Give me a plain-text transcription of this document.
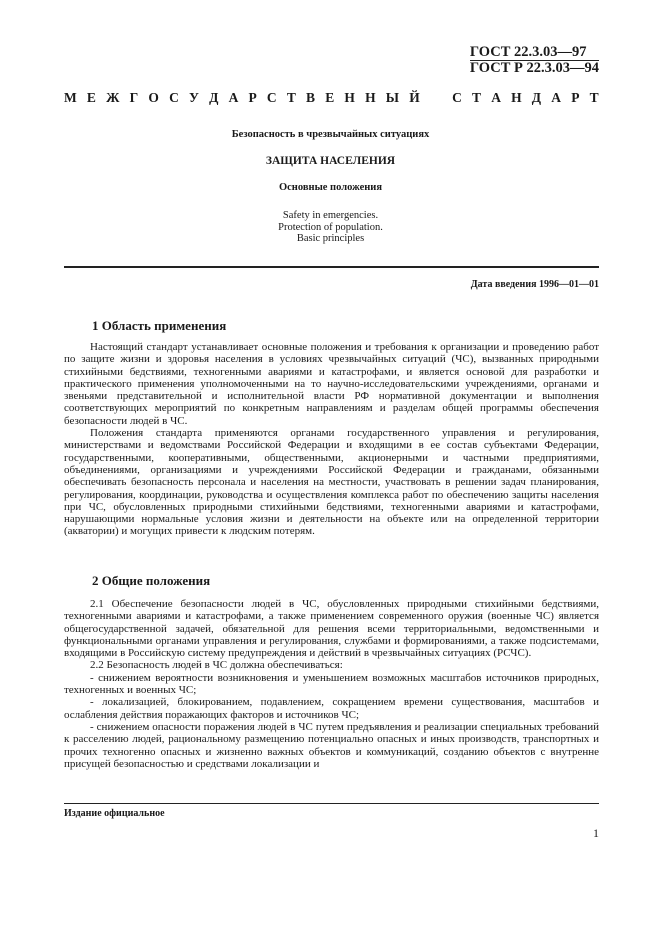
ГОСТ 22.3.03—97
ГОСТ Р 22.3.03—94
М Е Ж Г О С У Д А Р С Т В Е Н Н Ы Й С Т А Н Д А Р Т
Безопасность в чрезвычайных ситуациях
ЗАЩИТА НАСЕЛЕНИЯ
Основные положения
Safety in emergencies.
Protection of population.
Basic principles
Дата введения 1996—01—01
1 Область применения

Настоящий стандарт устанавливает основные положения и требования к организации и проведению работ по защите жизни и здоровья населения в условиях чрезвычайных ситуаций (ЧС), вызванных природными стихийными бедствиями, техногенными авариями и катастрофами, и является основой для разработки и практического применения уполномоченными на то научно-исследовательскими учреждениями, органами и звеньями представительной и исполнительной власти РФ нормативной документации и выполнения соответствующих мероприятий по конкретным направлениям и разделам общей программы обеспечения безопасности людей в ЧС.

Положения стандарта применяются органами государственного управления и регулирования, министерствами и ведомствами Российской Федерации и входящими в ее состав субъектами Федерации, государственными, кооперативными, общественными, акционерными и частными предприятиями, объединениями, организациями и учреждениями Российской Федерации и гражданами, обязанными обеспечивать безопасность персонала и населения на местности, участвовать в решении задач планирования, регулирования, координации, руководства и осуществления комплекса работ по обеспечению защиты населения при ЧС, обусловленных природными стихийными бедствиями, техногенными авариями и катастрофами, нарушающими нормальные условия жизни и деятельности на объекте или на определенной территории (акватории) и могущих привести к людским потерям.

2 Общие положения

2.1 Обеспечение безопасности людей в ЧС, обусловленных природными стихийными бедствиями, техногенными авариями и катастрофами, а также применением современного оружия (военные ЧС) является общегосударственной задачей, обязательной для решения всеми территориальными, ведомственными и функциональными органами управления и регулирования, службами и формированиями, а также подсистемами, входящими в Российскую систему предупреждения и действий в чрезвычайных ситуациях (РСЧС).

2.2 Безопасность людей в ЧС должна обеспечиваться:

- снижением вероятности возникновения и уменьшением возможных масштабов источников природных, техногенных и военных ЧС;

- локализацией, блокированием, подавлением, сокращением времени существования, масштабов и ослабления действия поражающих факторов и источников ЧС;

- снижением опасности поражения людей в ЧС путем предъявления и реализации специальных требований к расселению людей, рациональному размещению потенциально опасных и иных производств, транспортных и прочих техногенно опасных и жизненно важных объектов и коммуникаций, созданию объектов с внутренне присущей безопасностью и средствами локализации и

Издание официальное
1
